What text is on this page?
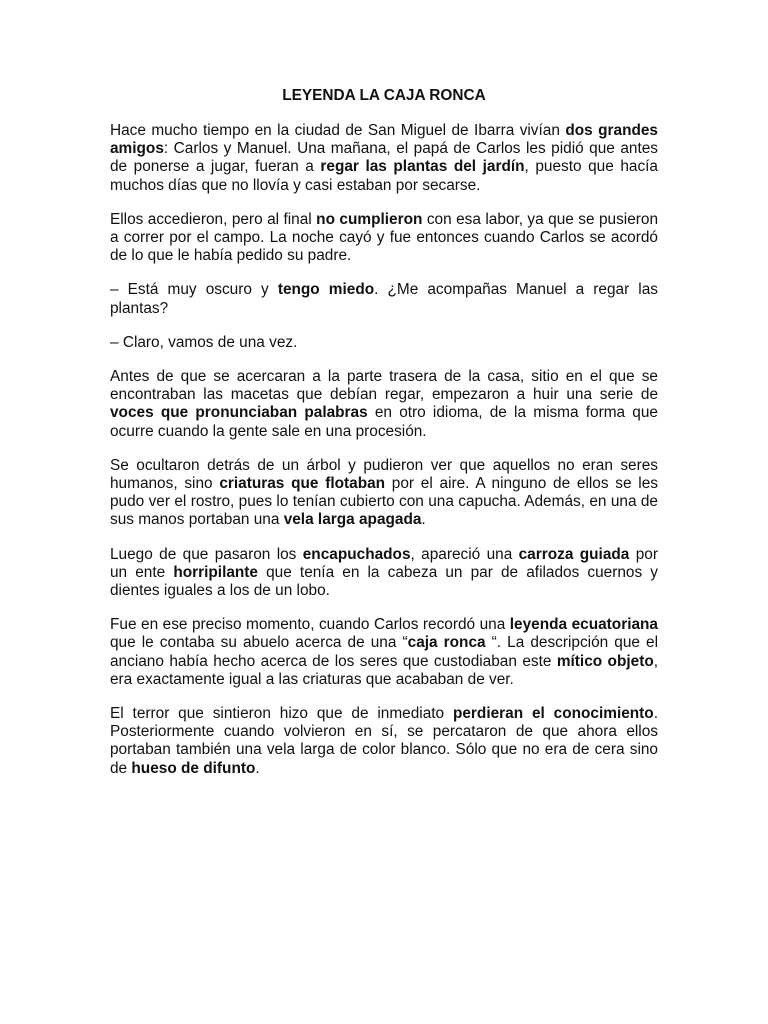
LEYENDA LA CAJA RONCA

Hace mucho tiempo en la ciudad de San Miguel de Ibarra vivían dos grandes amigos: Carlos y Manuel. Una mañana, el papá de Carlos les pidió que antes de ponerse a jugar, fueran a regar las plantas del jardín, puesto que hacía muchos días que no llovía y casi estaban por secarse.

Ellos accedieron, pero al final no cumplieron con esa labor, ya que se pusieron a correr por el campo. La noche cayó y fue entonces cuando Carlos se acordó de lo que le había pedido su padre.

– Está muy oscuro y tengo miedo. ¿Me acompañas Manuel a regar las plantas?

– Claro, vamos de una vez.

Antes de que se acercaran a la parte trasera de la casa, sitio en el que se encontraban las macetas que debían regar, empezaron a huir una serie de voces que pronunciaban palabras en otro idioma, de la misma forma que ocurre cuando la gente sale en una procesión.

Se ocultaron detrás de un árbol y pudieron ver que aquellos no eran seres humanos, sino criaturas que flotaban por el aire. A ninguno de ellos se les pudo ver el rostro, pues lo tenían cubierto con una capucha. Además, en una de sus manos portaban una vela larga apagada.

Luego de que pasaron los encapuchados, apareció una carroza guiada por un ente horripilante que tenía en la cabeza un par de afilados cuernos y dientes iguales a los de un lobo.

Fue en ese preciso momento, cuando Carlos recordó una leyenda ecuatoriana que le contaba su abuelo acerca de una “caja ronca “. La descripción que el anciano había hecho acerca de los seres que custodiaban este mítico objeto, era exactamente igual a las criaturas que acababan de ver.

El terror que sintieron hizo que de inmediato perdieran el conocimiento. Posteriormente cuando volvieron en sí, se percataron de que ahora ellos portaban también una vela larga de color blanco. Sólo que no era de cera sino de hueso de difunto.
